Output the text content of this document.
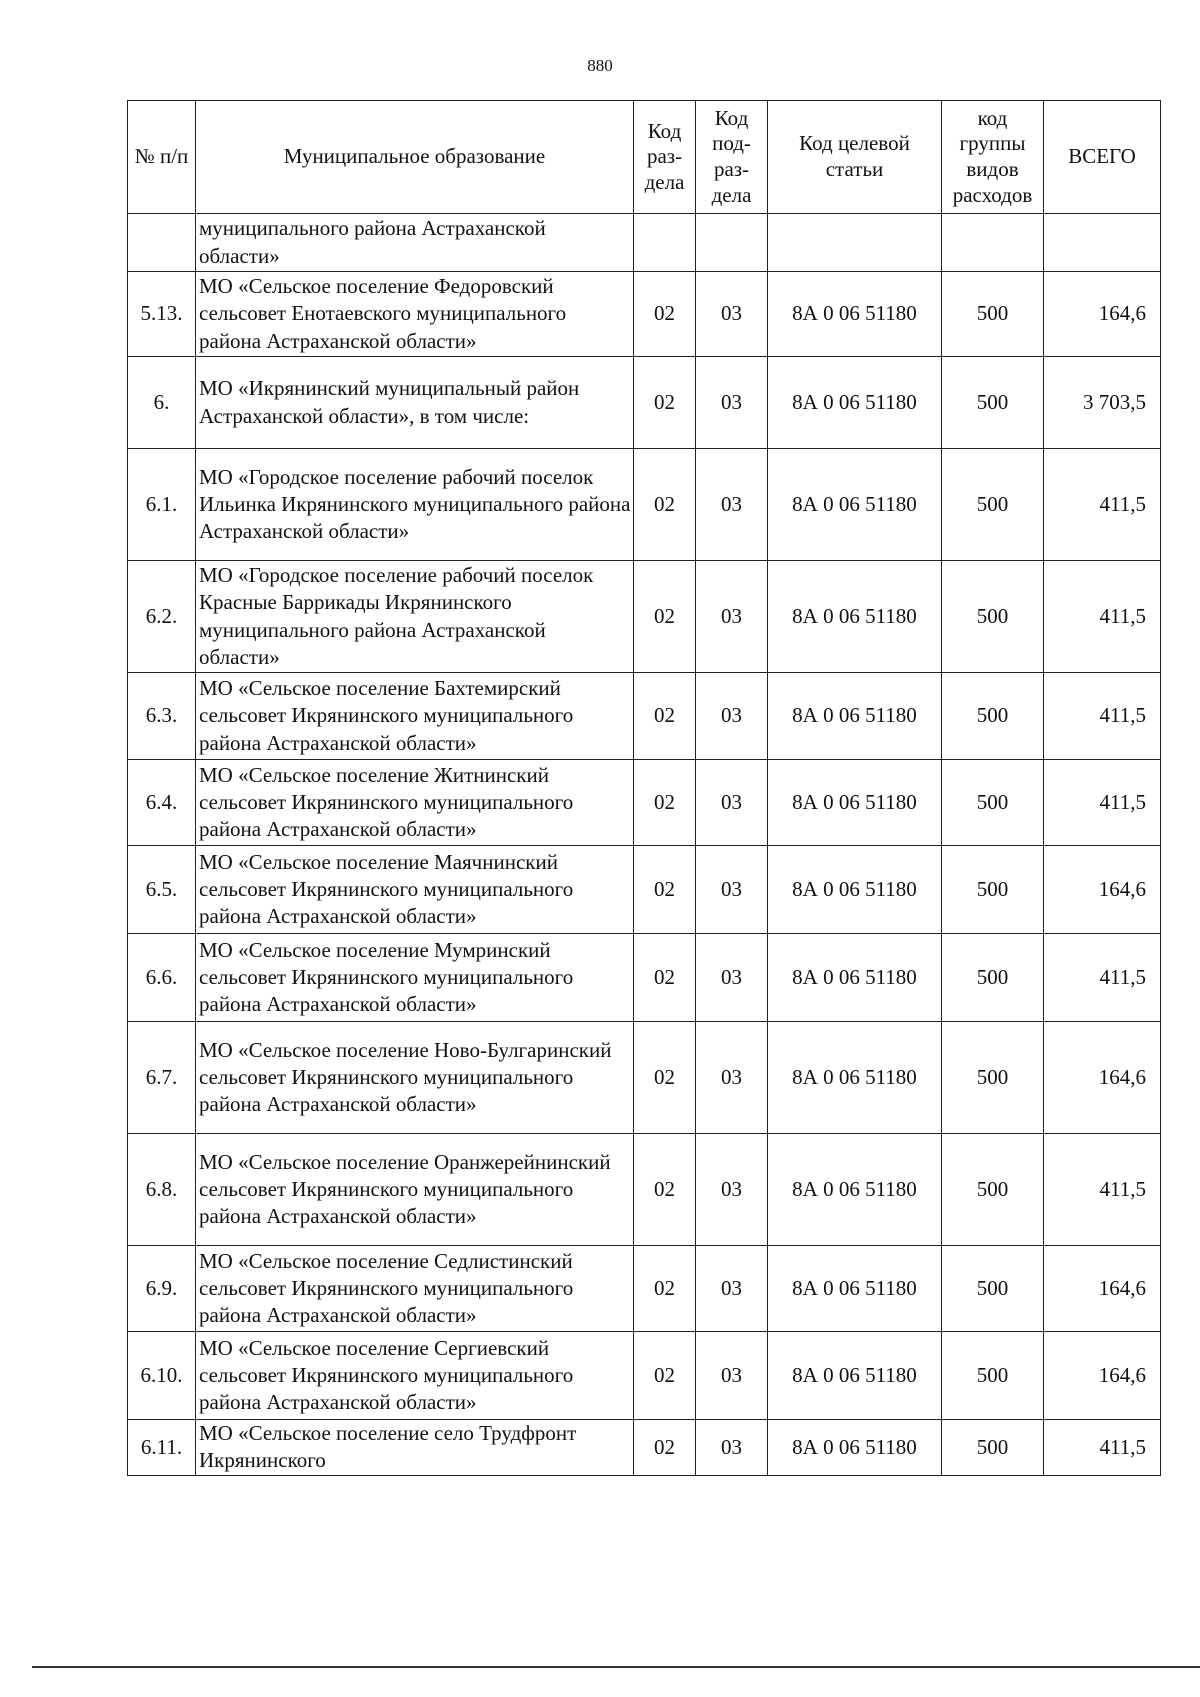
880
№ п/п	Муниципальное образование	Код раз-дела	Код под-раз-дела	Код целевой статьи	код группы видов расходов	ВСЕГО
	муниципального района Астраханской области»					
5.13.	МО «Сельское поселение Федоровский сельсовет Енотаевского муниципального района Астраханской области»	02	03	8А 0 06 51180	500	164,6
6.	МО «Икрянинский муниципальный район Астраханской области», в том числе:	02	03	8А 0 06 51180	500	3 703,5
6.1.	МО «Городское поселение рабочий поселок Ильинка Икрянинского муниципального района Астраханской области»	02	03	8А 0 06 51180	500	411,5
6.2.	МО «Городское поселение рабочий поселок Красные Баррикады Икрянинского муниципального района Астраханской области»	02	03	8А 0 06 51180	500	411,5
6.3.	МО «Сельское поселение Бахтемирский сельсовет Икрянинского муниципального района Астраханской области»	02	03	8А 0 06 51180	500	411,5
6.4.	МО «Сельское поселение Житнинский сельсовет Икрянинского муниципального района Астраханской области»	02	03	8А 0 06 51180	500	411,5
6.5.	МО «Сельское поселение Маячнинский сельсовет Икрянинского муниципального района Астраханской области»	02	03	8А 0 06 51180	500	164,6
6.6.	МО «Сельское поселение Мумринский сельсовет Икрянинского муниципального района Астраханской области»	02	03	8А 0 06 51180	500	411,5
6.7.	МО «Сельское поселение Ново-Булгаринский сельсовет Икрянинского муниципального района Астраханской области»	02	03	8А 0 06 51180	500	164,6
6.8.	МО «Сельское поселение Оранжерейнинский сельсовет Икрянинского муниципального района Астраханской области»	02	03	8А 0 06 51180	500	411,5
6.9.	МО «Сельское поселение Седлистинский сельсовет Икрянинского муниципального района Астраханской области»	02	03	8А 0 06 51180	500	164,6
6.10.	МО «Сельское поселение Сергиевский сельсовет Икрянинского муниципального района Астраханской области»	02	03	8А 0 06 51180	500	164,6
6.11.	МО «Сельское поселение село Трудфронт Икрянинского	02	03	8А 0 06 51180	500	411,5
